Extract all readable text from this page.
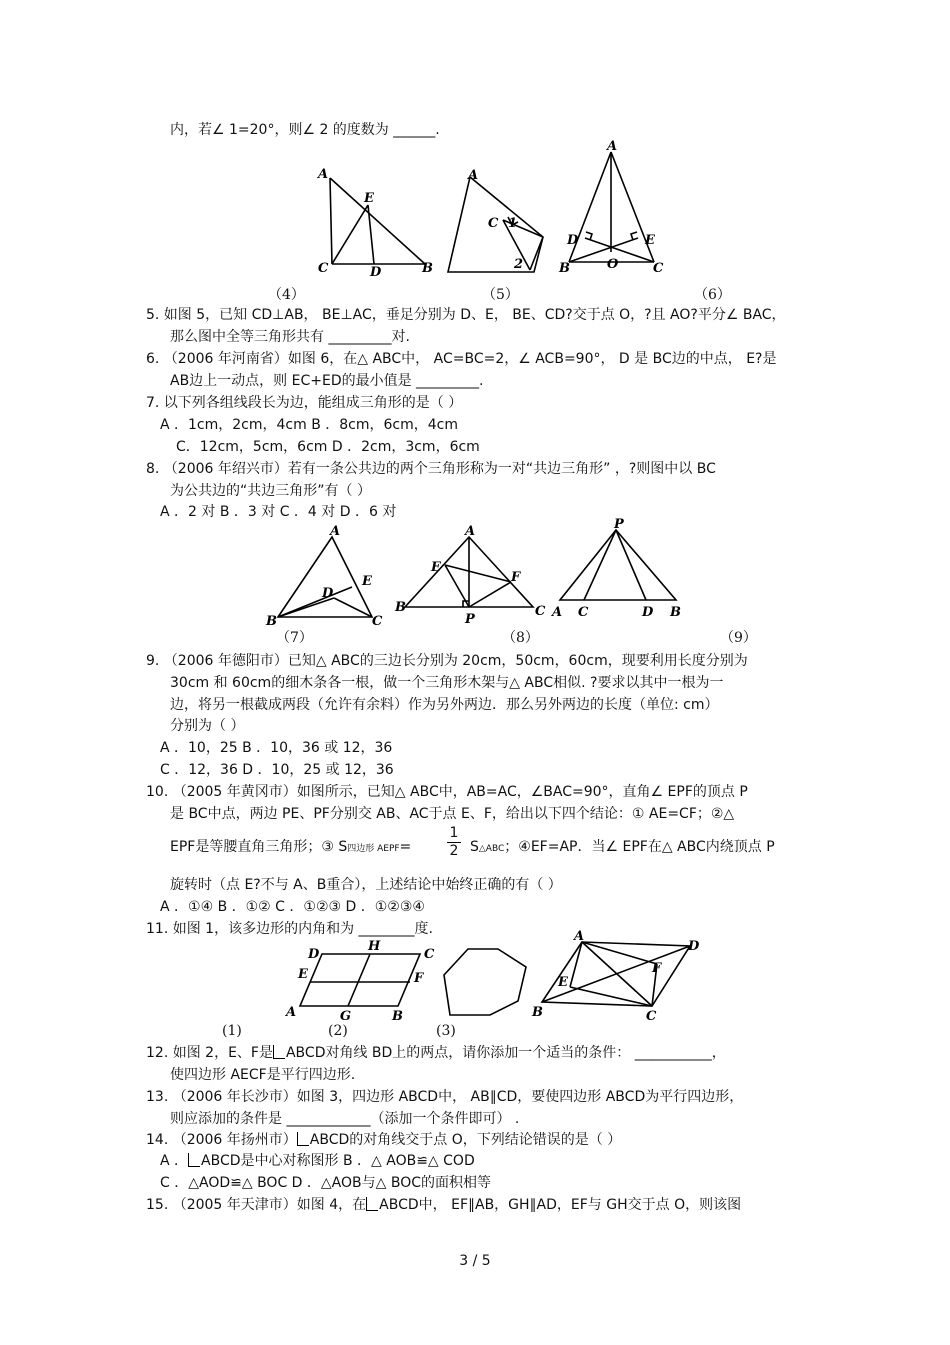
内，若∠ 1=20°，则∠ 2 的度数为 ______.
5. 如图 5，已知 CD⊥AB， BE⊥AC，垂足分别为 D、E， BE、CD?交于点 O，?且 AO?平分∠ BAC，
那么图中全等三角形共有 _________对.
6. （2006 年河南省）如图 6，在△ ABC中， AC=BC=2，∠ ACB=90°， D 是 BC边的中点， E?是
AB边上一动点，则 EC+ED的最小值是 _________.
7. 以下列各组线段长为边，能组成三角形的是（ ）
A ．1cm，2cm，4cm B ．8cm，6cm，4cm
C．12cm，5cm，6cm D ．2cm，3cm，6cm
8. （2006 年绍兴市）若有一条公共边的两个三角形称为一对“共边三角形” ，?则图中以 BC
为公共边的“共边三角形”有（ ）
A ．2 对 B ．3 对 C ．4 对 D ．6 对
9. （2006 年德阳市）已知△ ABC的三边长分别为 20cm，50cm，60cm，现要利用长度分别为
30cm 和 60cm的细木条各一根，做一个三角形木架与△ ABC相似. ?要求以其中一根为一
边，将另一根截成两段（允许有余料）作为另外两边．那么另外两边的长度（单位: cm）
分别为（ ）
A ．10，25 B ．10，36 或 12，36
C ．12，36 D ．10，25 或 12，36
10. （2005 年黄冈市）如图所示，已知△ ABC中，AB=AC，∠BAC=90°，直角∠ EPF的顶点 P
是 BC中点，两边 PE、PF分别交 AB、AC于点 E、F，给出以下四个结论：① AE=CF；②△
旋转时（点 E?不与 A、B重合），上述结论中始终正确的有（ ）
A ．①④ B ．①② C ．①②③ D ．①②③④
11. 如图 1，该多边形的内角和为 ________度.
使四边形 AECF是平行四边形.
13. （2006 年长沙市）如图 3，四边形 ABCD中， AB∥CD，要使四边形 ABCD为平行四边形，
则应添加的条件是 ____________（添加一个条件即可） .
C ．△AOD≌△ BOC D ．△AOB与△ BOC的面积相等
12. 如图 2，E、F是 ABCD对角线 BD上的两点，请你添加一个适当的条件： ___________，
14. （2006 年扬州市） ABCD的对角线交于点 O，下列结论错误的是（ ）
A ． ABCD是中心对称图形 B ．△ AOB≌△ COD
15. （2005 年天津市）如图 4，在 ABCD中， EF∥AB，GH∥AD，EF与 GH交于点 O，则该图
EPF是等腰直角三角形；③ S四边形 AEPF=	$\frac{1}{2}$ S△ABC；④EF=AP．当∠ EPF在△ ABC内绕顶点 P
A
E
C	D	B
A
C 1
2
A
D	E
B	O	C
（4）	（5）	（6）
A
E
D
B	C
A
E
F
B
P
C
P
A C	D B
（7）	（8）	（9）
H
D	C
E	F
A	G	B
A
D
E
F
B	C
(1)	(2)	(3)
3 / 5
